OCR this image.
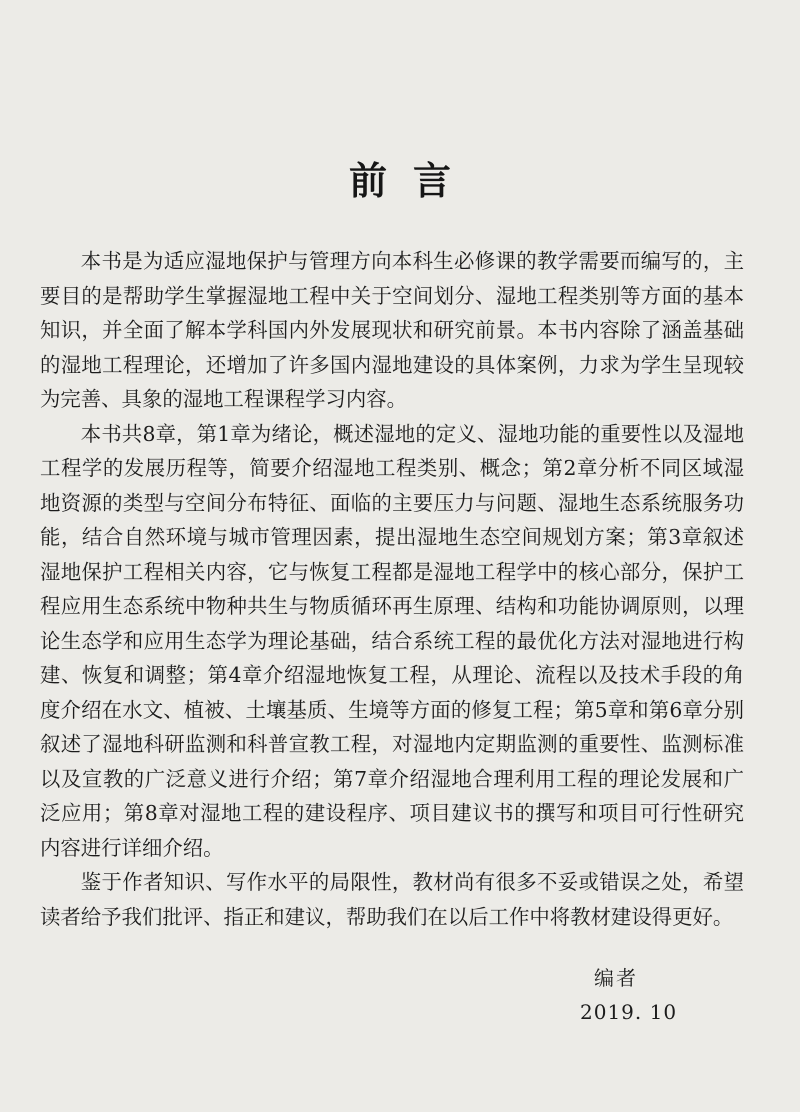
前言

本书是为适应湿地保护与管理方向本科生必修课的教学需要而编写的，主要目的是帮助学生掌握湿地工程中关于空间划分、湿地工程类别等方面的基本知识，并全面了解本学科国内外发展现状和研究前景。本书内容除了涵盖基础的湿地工程理论，还增加了许多国内湿地建设的具体案例，力求为学生呈现较为完善、具象的湿地工程课程学习内容。

本书共8章，第1章为绪论，概述湿地的定义、湿地功能的重要性以及湿地工程学的发展历程等，简要介绍湿地工程类别、概念；第2章分析不同区域湿地资源的类型与空间分布特征、面临的主要压力与问题、湿地生态系统服务功能，结合自然环境与城市管理因素，提出湿地生态空间规划方案；第3章叙述湿地保护工程相关内容，它与恢复工程都是湿地工程学中的核心部分，保护工程应用生态系统中物种共生与物质循环再生原理、结构和功能协调原则，以理论生态学和应用生态学为理论基础，结合系统工程的最优化方法对湿地进行构建、恢复和调整；第4章介绍湿地恢复工程，从理论、流程以及技术手段的角度介绍在水文、植被、土壤基质、生境等方面的修复工程；第5章和第6章分别叙述了湿地科研监测和科普宣教工程，对湿地内定期监测的重要性、监测标准以及宣教的广泛意义进行介绍；第7章介绍湿地合理利用工程的理论发展和广泛应用；第8章对湿地工程的建设程序、项目建议书的撰写和项目可行性研究内容进行详细介绍。

鉴于作者知识、写作水平的局限性，教材尚有很多不妥或错误之处，希望读者给予我们批评、指正和建议，帮助我们在以后工作中将教材建设得更好。

编者
2019. 10
